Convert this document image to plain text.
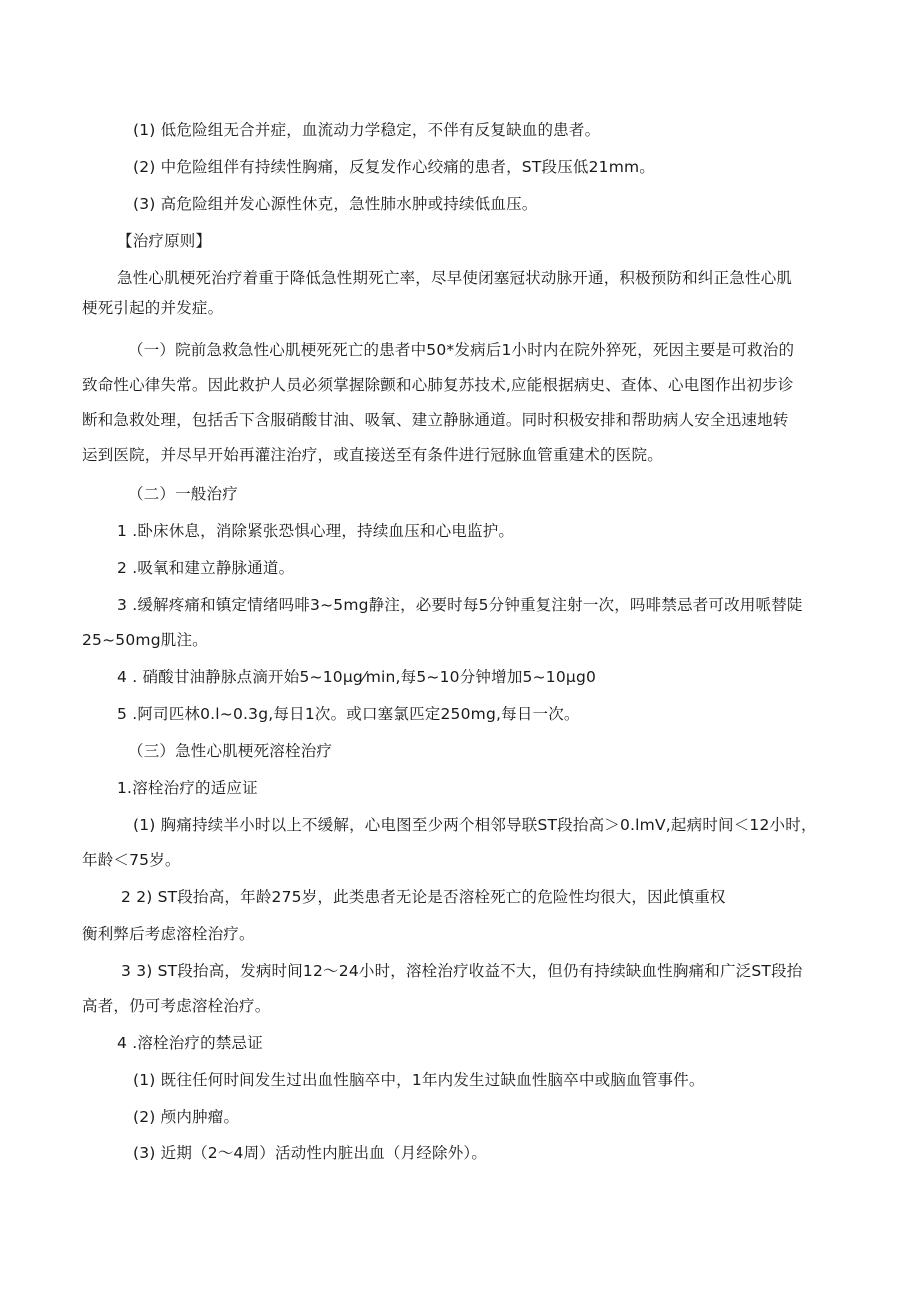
(1) 低危险组无合并症，血流动力学稳定，不伴有反复缺血的患者。
(2) 中危险组伴有持续性胸痛，反复发作心绞痛的患者，ST段压低21mm。
(3) 高危险组并发心源性休克，急性肺水肿或持续低血压。
【治疗原则】
急性心肌梗死治疗着重于降低急性期死亡率，尽早使闭塞冠状动脉开通，积极预防和纠正急性心肌
梗死引起的并发症。
（一）院前急救急性心肌梗死死亡的患者中50*发病后1小时内在院外猝死，死因主要是可救治的
致命性心律失常。因此救护人员必须掌握除颤和心肺复苏技术,应能根据病史、查体、心电图作出初步诊
断和急救处理，包括舌下含服硝酸甘油、吸氧、建立静脉通道。同时积极安排和帮助病人安全迅速地转
运到医院，并尽早开始再灌注治疗，或直接送至有条件进行冠脉血管重建术的医院。
（二）一般治疗
1 .卧床休息，消除紧张恐惧心理，持续血压和心电监护。
2 .吸氧和建立静脉通道。
3 .缓解疼痛和镇定情绪吗啡3~5mg静注，必要时每5分钟重复注射一次，吗啡禁忌者可改用哌替陡
25~50mg肌注。
4 . 硝酸甘油静脉点滴开始5~10μg⁄min,每5~10分钟增加5~10μg0
5 .阿司匹林0.l~0.3g,每日1次。或口塞氯匹定250mg,每日一次。
（三）急性心肌梗死溶栓治疗
1.溶栓治疗的适应证
(1) 胸痛持续半小时以上不缓解，心电图至少两个相邻导联ST段抬高＞0.lmV,起病时间＜12小时，
年龄＜75岁。
2 2) ST段抬高，年龄275岁，此类患者无论是否溶栓死亡的危险性均很大，因此慎重权
衡利弊后考虑溶栓治疗。
3 3) ST段抬高，发病时间12〜24小时，溶栓治疗收益不大，但仍有持续缺血性胸痛和广泛ST段抬
高者，仍可考虑溶栓治疗。
4 .溶栓治疗的禁忌证
(1) 既往任何时间发生过出血性脑卒中，1年内发生过缺血性脑卒中或脑血管事件。
(2) 颅内肿瘤。
(3) 近期（2〜4周）活动性内脏出血（月经除外）。
